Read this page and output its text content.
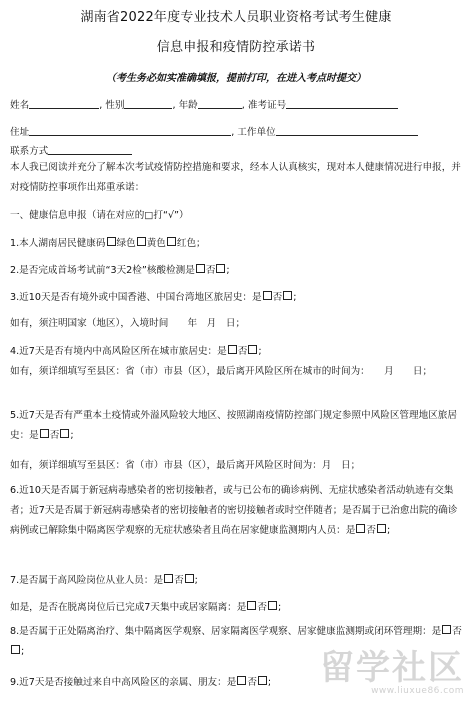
湖南省2022年度专业技术人员职业资格考试考生健康
信息申报和疫情防控承诺书
（考生务必如实准确填报，提前打印，在进入考点时提交）
姓名	, 性别	, 年龄	, 准考证号
住址	, 工作单位
联系方式
本人我已阅读并充分了解本次考试疫情防控措施和要求，经本人认真核实，现对本人健康情况进行申报，并对疫情防控事项作出郑重承诺：
一、健康信息申报（请在对应的□打“√”）
1.本人湖南居民健康码 绿色 黄色 红色；
2.是否完成首场考试前“3天2检”核酸检测是 否 ;
3.近10天是否有境外或中国香港、中国台湾地区旅居史：是 否 ;
如有，须注明国家（地区），入境时间　　年　月　日；
4.近7天是否有境内中高风险区所在城市旅居史：是 否 ;
如有，须详细填写至县区：省（市）市县（区），最后离开风险区所在城市的时间为：　　月　　日；
5.近7天是否有严重本土疫情或外溢风险较大地区、按照湖南疫情防控部门规定参照中风险区管理地区旅居史：是 否 ;
如有，须详细填写至县区：省（市）市县（区），最后离开风险区时间为：月　日；
6.近10天是否属于新冠病毒感染者的密切接触者，或与已公布的确诊病例、无症状感染者活动轨迹有交集者；近7天是否属于新冠病毒感染者的密切接触者的密切接触者或时空伴随者；是否属于已治愈出院的确诊病例或已解除集中隔离医学观察的无症状感染者且尚在居家健康监测期内人员：是 否 ;
7.是否属于高风险岗位从业人员：是 否 ;
如是，是否在脱离岗位后已完成7天集中或居家隔离：是 否 ;
8.是否属于正处隔离治疗、集中隔离医学观察、居家隔离医学观察、居家健康监测期或闭环管理期：是 否;
9.近7天是否接触过来自中高风险区的亲属、朋友：是 否 ;	留学社区
www.liuxue86.com
